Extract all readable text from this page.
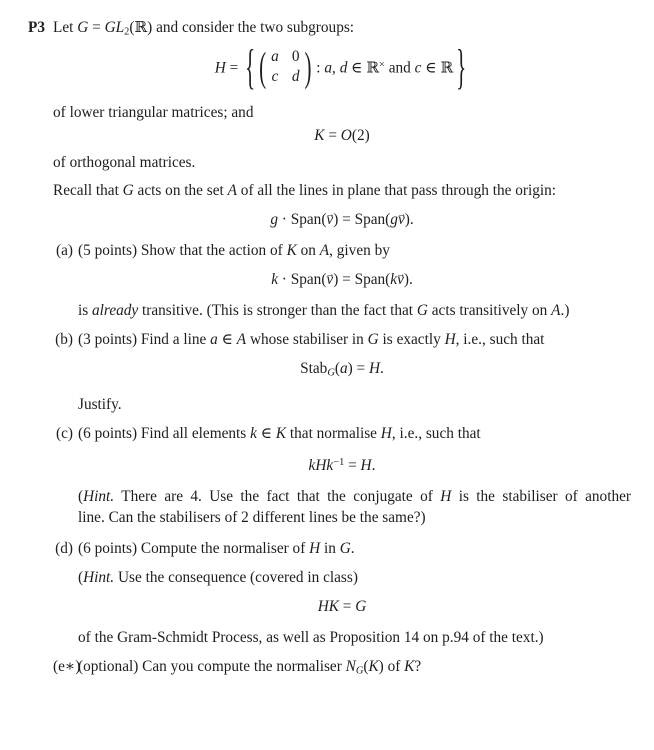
P3 Let G = GL2(ℝ) and consider the two subgroups:
H = { ( a 0
c d ) : a, d ∈ ℝ× and c ∈ ℝ }
of lower triangular matrices; and
K = O(2)
of orthogonal matrices.
Recall that G acts on the set A of all the lines in plane that pass through the origin:
g · Span(v →) = Span(gv →).
(a) (5 points) Show that the action of K on A, given by
k · Span(v →) = Span(kv →).
is already transitive. (This is stronger than the fact that G acts transitively on A.)
(b) (3 points) Find a line a ∈ A whose stabiliser in G is exactly H, i.e., such that
StabG(a) = H.
Justify.
(c) (6 points) Find all elements k ∈ K that normalise H, i.e., such that
kHk$^{-1}$ = H.
(Hint. There are 4. Use the fact that the conjugate of H is the stabiliser of another
line. Can the stabilisers of 2 different lines be the same?)
(d) (6 points) Compute the normaliser of H in G.
(Hint. Use the consequence (covered in class)
HK = G
of the Gram-Schmidt Process, as well as Proposition 14 on p.94 of the text.)
(e∗)
(optional) Can you compute the normaliser NG(K) of K?
